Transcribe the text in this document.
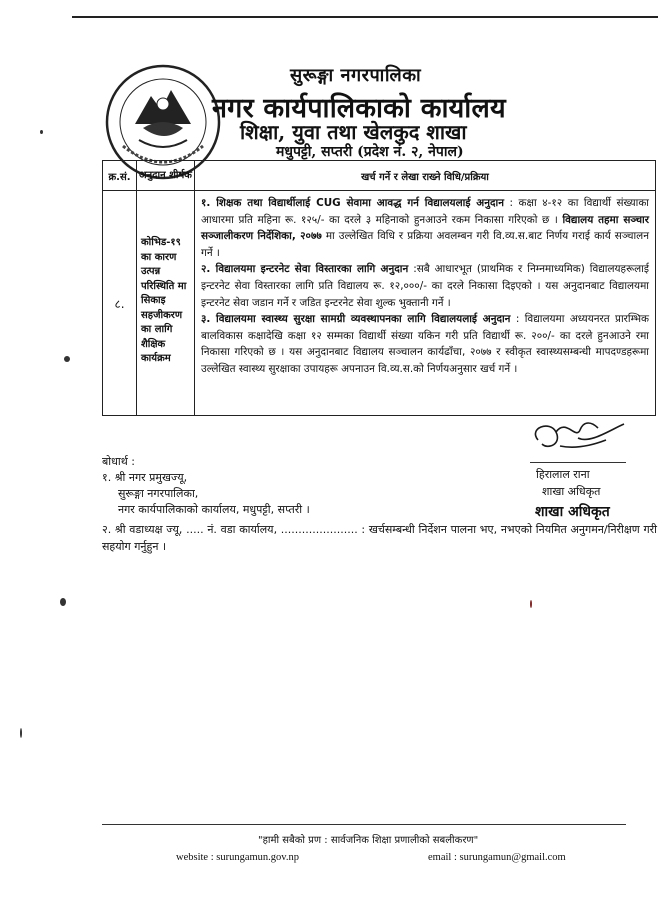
सुरूङ्गा नगरपालिका
नगर कार्यपालिकाको कार्यालय
शिक्षा, युवा तथा खेलकुद शाखा
मधुपट्टी, सप्तरी (प्रदेश नं. २, नेपाल)
क्र.सं.	अनुदान शीर्षक	खर्च गर्ने र लेखा राख्ने विधि/प्रक्रिया
८.	कोभिड-१९ का कारण उत्पन्न परिस्थिति मा सिकाइ सहजीकरण का लागि शैक्षिक कार्यक्रम	१. शिक्षक तथा विद्यार्थीलाई CUG सेवामा आवद्ध गर्न विद्यालयलाई अनुदान : कक्षा ४-१२ का विद्यार्थी संख्याका आधारमा प्रति महिना रू. १२५/- का दरले ३ महिनाको हुनआउने रकम निकासा गरिएको छ । विद्यालय तहमा सञ्चार सञ्जालीकरण निर्देशिका, २०७७ मा उल्लेखित विधि र प्रक्रिया अवलम्बन गरी वि.व्य.स.बाट निर्णय गराई कार्य सञ्चालन गर्ने ।
२. विद्यालयमा इन्टरनेट सेवा विस्तारका लागि अनुदान :सबै आधारभूत (प्राथमिक र निम्नमाध्यमिक) विद्यालयहरूलाई इन्टरनेट सेवा विस्तारका लागि प्रति विद्यालय रू. १२,०००/- का दरले निकासा दिइएको । यस अनुदानबाट विद्यालयमा इन्टरनेट सेवा जडान गर्ने र जडित इन्टरनेट सेवा शुल्क भुक्तानी गर्ने ।
३. विद्यालयमा स्वास्थ्य सुरक्षा सामग्री व्यवस्थापनका लागि विद्यालयलाई अनुदान : विद्यालयमा अध्ययनरत प्रारम्भिक बालविकास कक्षादेखि कक्षा १२ सम्मका विद्यार्थी संख्या यकिन गरी प्रति विद्यार्थी रू. २००/- का दरले हुनआउने रमा निकासा गरिएको छ । यस अनुदानबाट विद्यालय सञ्चालन कार्यढाँचा, २०७७ र स्वीकृत स्वास्थ्यसम्बन्धी मापदण्डहरूमा उल्लेखित स्वास्थ्य सुरक्षाका उपायहरू अपनाउन वि.व्य.स.को निर्णयअनुसार खर्च गर्ने ।
हिरालाल राना
शाखा अधिकृत
शाखा अधिकृत
बोधार्थ :
१. श्री नगर प्रमुखज्यू,
सुरूङ्गा नगरपालिका,
नगर कार्यपालिकाको कार्यालय, मधुपट्टी, सप्तरी ।
२. श्री वडाध्यक्ष ज्यू, ..... नं. वडा कार्यालय, ...................... : खर्चसम्बन्धी निर्देशन पालना भए, नभएको नियमित अनुगमन/निरीक्षण गरी सहयोग गर्नुहुन ।
"हामी सबैको प्रण : सार्वजनिक शिक्षा प्रणालीको सबलीकरण"
website : surungamun.gov.np	email : surungamun@gmail.com
